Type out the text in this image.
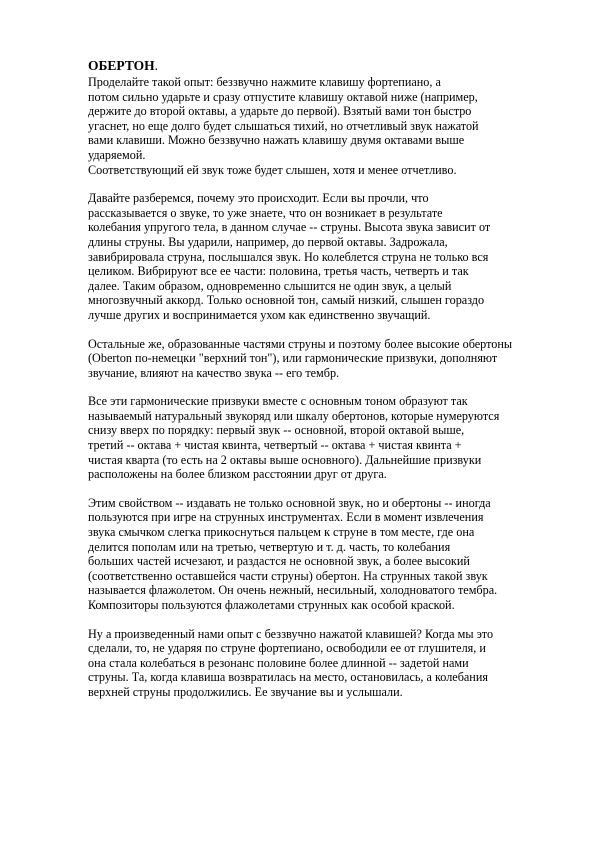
ОБЕРТОН.
Проделайте такой опыт: беззвучно нажмите клавишу фортепиано, а
потом сильно ударьте и сразу отпустите клавишу октавой ниже (например,
держите до второй октавы, а ударьте до первой). Взятый вами тон быстро
угаснет, но еще долго будет слышаться тихий, но отчетливый звук нажатой
вами клавиши. Можно беззвучно нажать клавишу двумя октавами выше
ударяемой.
Соответствующий ей звук тоже будет слышен, хотя и менее отчетливо.
Давайте разберемся, почему это происходит. Если вы прочли, что
рассказывается о звуке, то уже знаете, что он возникает в результате
колебания упругого тела, в данном случае -- струны. Высота звука зависит от
длины струны. Вы ударили, например, до первой октавы. Задрожала,
завибрировала струна, послышался звук. Но колеблется струна не только вся
целиком. Вибрируют все ее части: половина, третья часть, четверть и так
далее. Таким образом, одновременно слышится не один звук, а целый
многозвучный аккорд. Только основной тон, самый низкий, слышен гораздо
лучше других и воспринимается ухом как единственно звучащий.
Остальные же, образованные частями струны и поэтому более высокие обертоны
(Oberton по-немецки "верхний тон"), или гармонические призвуки, дополняют
звучание, влияют на качество звука -- его тембр.
Все эти гармонические призвуки вместе с основным тоном образуют так
называемый натуральный звукоряд или шкалу обертонов, которые нумеруются
снизу вверх по порядку: первый звук -- основной, второй октавой выше,
третий -- октава + чистая квинта, четвертый -- октава + чистая квинта +
чистая кварта (то есть на 2 октавы выше основного). Дальнейшие призвуки
расположены на более близком расстоянии друг от друга.
Этим свойством -- издавать не только основной звук, но и обертоны -- иногда
пользуются при игре на струнных инструментах. Если в момент извлечения
звука смычком слегка прикоснуться пальцем к струне в том месте, где она
делится пополам или на третью, четвертую и т. д. часть, то колебания
больших частей исчезают, и раздастся не основной звук, а более высокий
(соответственно оставшейся части струны) обертон. На струнных такой звук
называется флажолетом. Он очень нежный, несильный, холодноватого тембра.
Композиторы пользуются флажолетами струнных как особой краской.
Ну а произведенный нами опыт с беззвучно нажатой клавишей? Когда мы это
сделали, то, не ударяя по струне фортепиано, освободили ее от глушителя, и
она стала колебаться в резонанс половине более длинной -- задетой нами
струны. Та, когда клавиша возвратилась на место, остановилась, а колебания
верхней струны продолжились. Ее звучание вы и услышали.
